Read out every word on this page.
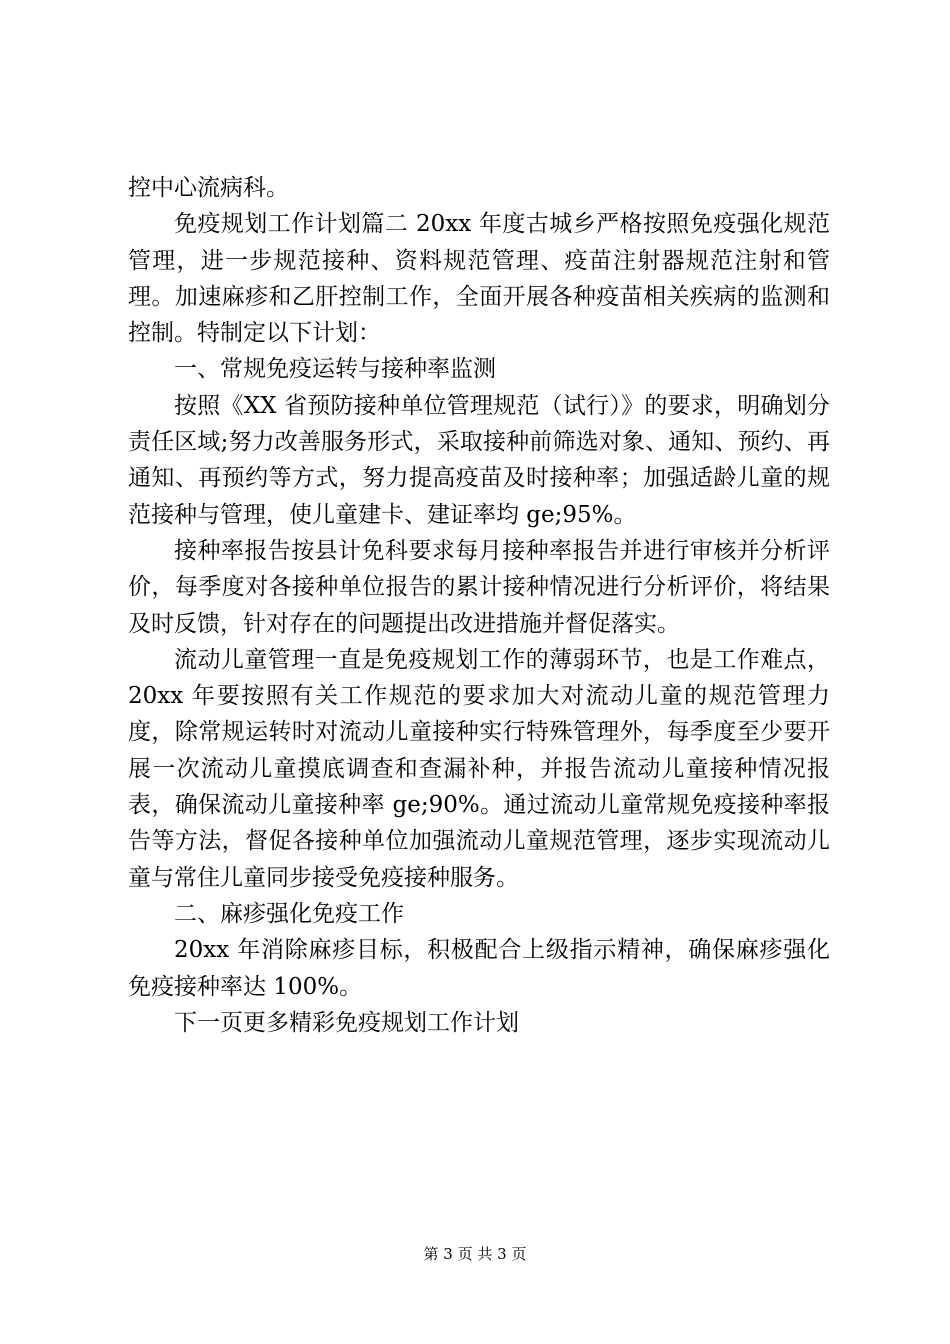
控中心流病科。

免疫规划工作计划篇二 20xx 年度古城乡严格按照免疫强化规范管理，进一步规范接种、资料规范管理、疫苗注射器规范注射和管理。加速麻疹和乙肝控制工作，全面开展各种疫苗相关疾病的监测和控制。特制定以下计划：

一、常规免疫运转与接种率监测

按照《XX 省预防接种单位管理规范（试行）》的要求，明确划分责任区域;努力改善服务形式，采取接种前筛选对象、通知、预约、再通知、再预约等方式，努力提高疫苗及时接种率；加强适龄儿童的规范接种与管理，使儿童建卡、建证率均 ge;95%。

接种率报告按县计免科要求每月接种率报告并进行审核并分析评价，每季度对各接种单位报告的累计接种情况进行分析评价，将结果及时反馈，针对存在的问题提出改进措施并督促落实。

流动儿童管理一直是免疫规划工作的薄弱环节，也是工作难点，20xx 年要按照有关工作规范的要求加大对流动儿童的规范管理力度，除常规运转时对流动儿童接种实行特殊管理外，每季度至少要开展一次流动儿童摸底调查和查漏补种，并报告流动儿童接种情况报表，确保流动儿童接种率 ge;90%。通过流动儿童常规免疫接种率报告等方法，督促各接种单位加强流动儿童规范管理，逐步实现流动儿童与常住儿童同步接受免疫接种服务。

二、麻疹强化免疫工作

20xx 年消除麻疹目标，积极配合上级指示精神，确保麻疹强化免疫接种率达 100%。

下一页更多精彩免疫规划工作计划

第 3 页 共 3 页
